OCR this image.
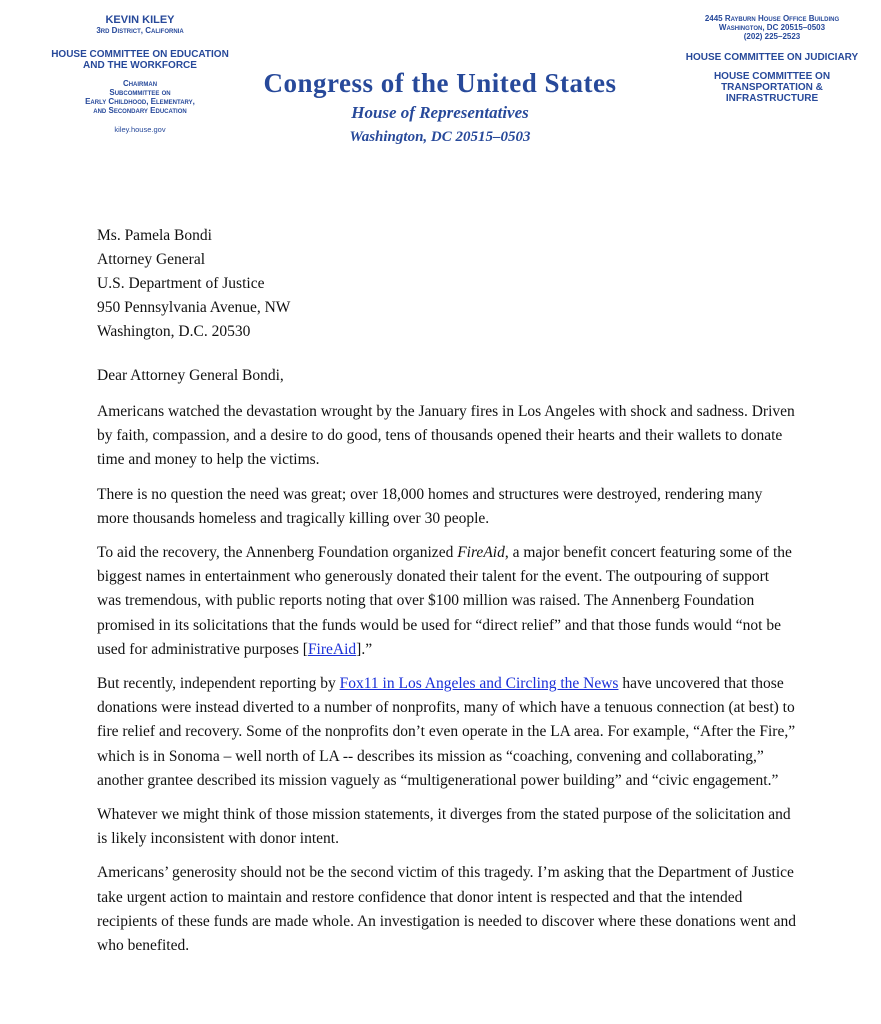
KEVIN KILEY
3rd District, California
HOUSE COMMITTEE ON EDUCATION
AND THE WORKFORCE
Chairman
Subcommittee on
Early Childhood, Elementary,
and Secondary Education
kiley.house.gov
Congress of the United States
House of Representatives
Washington, DC 20515–0503
2445 Rayburn House Office Building
Washington, DC 20515–0503
(202) 225–2523
HOUSE COMMITTEE ON JUDICIARY
HOUSE COMMITTEE ON
TRANSPORTATION &
INFRASTRUCTURE
Ms. Pamela Bondi
Attorney General
U.S. Department of Justice
950 Pennsylvania Avenue, NW
Washington, D.C. 20530
Dear Attorney General Bondi,

Americans watched the devastation wrought by the January fires in Los Angeles with shock and sadness. Driven by faith, compassion, and a desire to do good, tens of thousands opened their hearts and their wallets to donate time and money to help the victims.

There is no question the need was great; over 18,000 homes and structures were destroyed, rendering many more thousands homeless and tragically killing over 30 people.

To aid the recovery, the Annenberg Foundation organized FireAid, a major benefit concert featuring some of the biggest names in entertainment who generously donated their talent for the event. The outpouring of support was tremendous, with public reports noting that over $100 million was raised. The Annenberg Foundation promised in its solicitations that the funds would be used for “direct relief” and that those funds would “not be used for administrative purposes [FireAid].”

But recently, independent reporting by Fox11 in Los Angeles and Circling the News have uncovered that those donations were instead diverted to a number of nonprofits, many of which have a tenuous connection (at best) to fire relief and recovery. Some of the nonprofits don’t even operate in the LA area. For example, “After the Fire,” which is in Sonoma – well north of LA -- describes its mission as “coaching, convening and collaborating,” another grantee described its mission vaguely as “multigenerational power building” and “civic engagement.”

Whatever we might think of those mission statements, it diverges from the stated purpose of the solicitation and is likely inconsistent with donor intent.

Americans’ generosity should not be the second victim of this tragedy. I’m asking that the Department of Justice take urgent action to maintain and restore confidence that donor intent is respected and that the intended recipients of these funds are made whole. An investigation is needed to discover where these donations went and who benefited.
